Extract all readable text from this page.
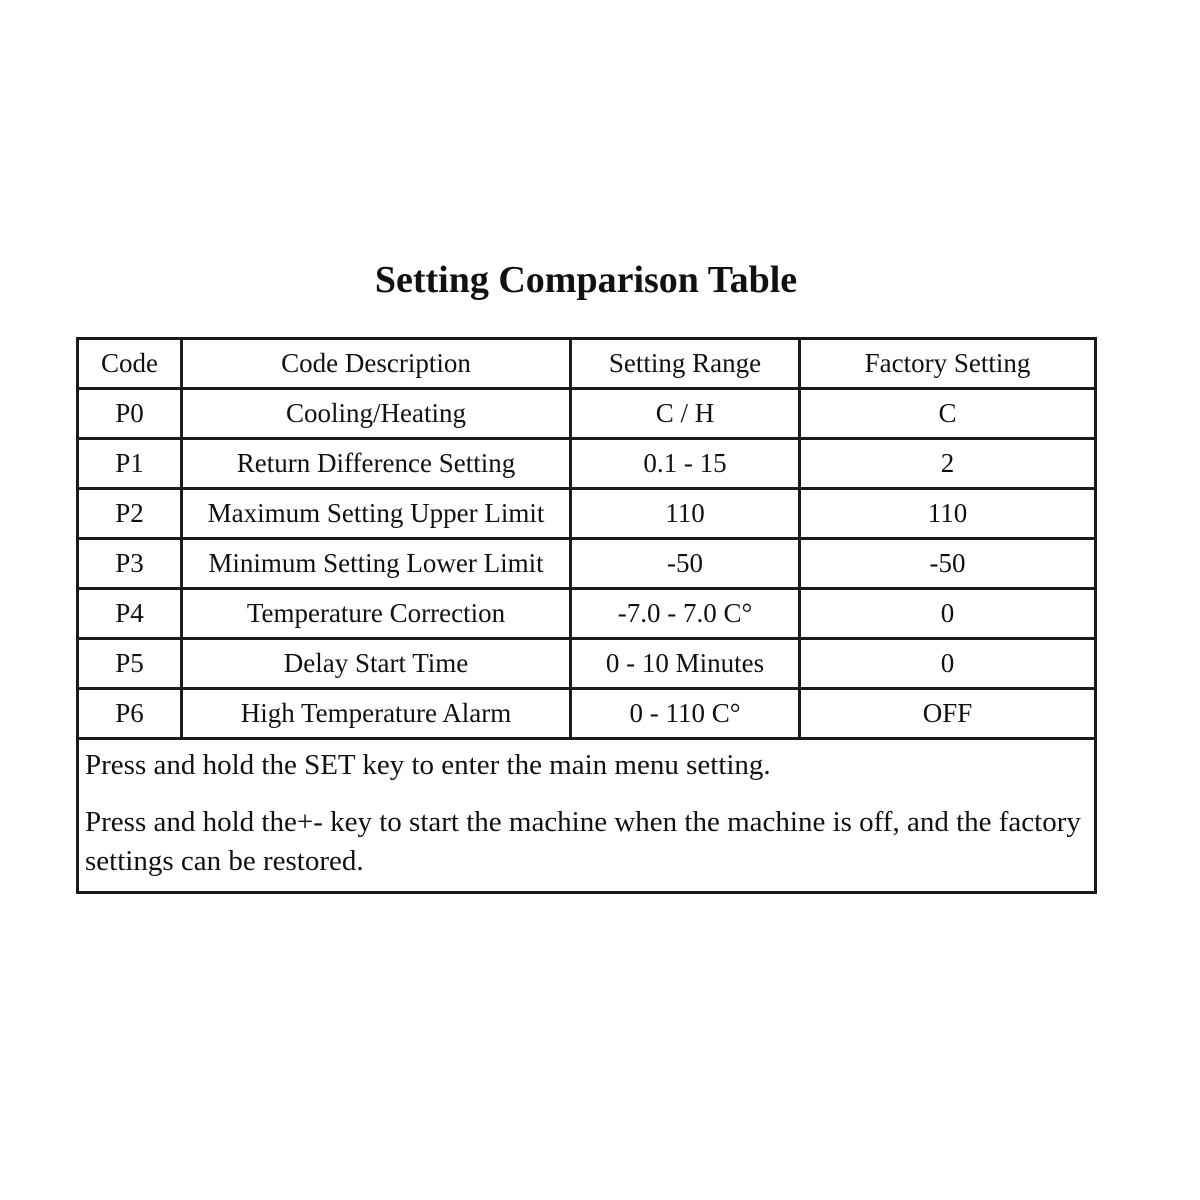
Setting Comparison Table
Code	Code Description	Setting Range	Factory Setting
P0	Cooling/Heating	C / H	C
P1	Return Difference Setting	0.1 - 15	2
P2	Maximum Setting Upper Limit	110	110
P3	Minimum Setting Lower Limit	-50	-50
P4	Temperature Correction	-7.0 - 7.0 C°	0
P5	Delay Start Time	0 - 10 Minutes	0
P6	High Temperature Alarm	0 - 110 C°	OFF

Press and hold the SET key to enter the main menu setting.

Press and hold the+- key to start the machine when the machine is off, and the factory settings can be restored.			
